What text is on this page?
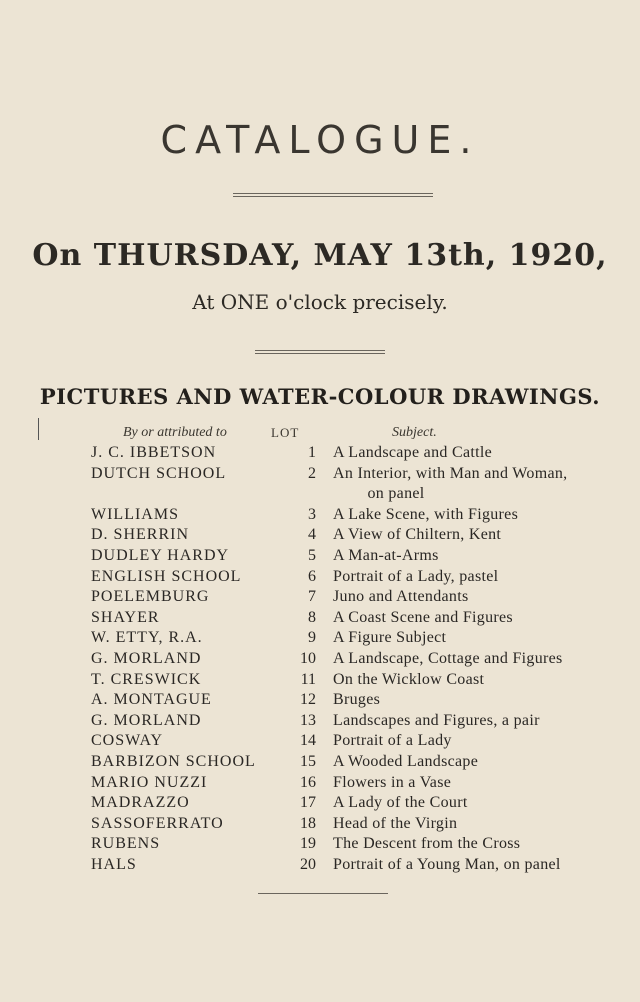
CATALOGUE.
On THURSDAY, MAY 13th, 1920,
At ONE o'clock precisely.
PICTURES AND WATER-COLOUR DRAWINGS.
By or attributed to	LOT	Subject.
J. C. IBBETSON	1 A Landscape and Cattle
DUTCH SCHOOL	2 An Interior, with Man and Woman,
on panel
WILLIAMS	3 A Lake Scene, with Figures
D. SHERRIN	4 A View of Chiltern, Kent
DUDLEY HARDY	5 A Man-at-Arms
ENGLISH SCHOOL	6 Portrait of a Lady, pastel
POELEMBURG	7 Juno and Attendants
SHAYER	8 A Coast Scene and Figures
W. ETTY, R.A.	9 A Figure Subject
G. MORLAND	10 A Landscape, Cottage and Figures
T. CRESWICK	11 On the Wicklow Coast
A. MONTAGUE	12 Bruges
G. MORLAND	13 Landscapes and Figures, a pair
COSWAY	14 Portrait of a Lady
BARBIZON SCHOOL	15 A Wooded Landscape
MARIO NUZZI	16 Flowers in a Vase
MADRAZZO	17 A Lady of the Court
SASSOFERRATO	18 Head of the Virgin
RUBENS	19 The Descent from the Cross
HALS	20 Portrait of a Young Man, on panel
